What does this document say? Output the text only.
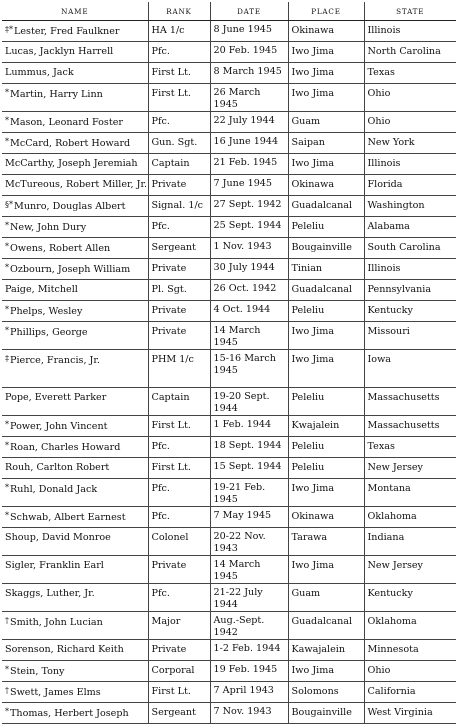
NAME	RANK	DATE	PLACE	STATE
‡*Lester, Fred Faulkner	HA 1/c	8 June 1945	Okinawa	Illinois
Lucas, Jacklyn Harrell	Pfc.	20 Feb. 1945	Iwo Jima	North Carolina
Lummus, Jack	First Lt.	8 March 1945	Iwo Jima	Texas
*Martin, Harry Linn	First Lt.	26 March 1945	Iwo Jima	Ohio
*Mason, Leonard Foster	Pfc.	22 July 1944	Guam	Ohio
*McCard, Robert Howard	Gun. Sgt.	16 June 1944	Saipan	New York
McCarthy, Joseph Jeremiah	Captain	21 Feb. 1945	Iwo Jima	Illinois
McTureous, Robert Miller, Jr.	Private	7 June 1945	Okinawa	Florida
§*Munro, Douglas Albert	Signal. 1/c	27 Sept. 1942	Guadalcanal	Washington
*New, John Dury	Pfc.	25 Sept. 1944	Peleliu	Alabama
*Owens, Robert Allen	Sergeant	1 Nov. 1943	Bougainville	South Carolina
*Ozbourn, Joseph William	Private	30 July 1944	Tinian	Illinois
Paige, Mitchell	Pl. Sgt.	26 Oct. 1942	Guadalcanal	Pennsylvania
*Phelps, Wesley	Private	4 Oct. 1944	Peleliu	Kentucky
*Phillips, George	Private	14 March 1945	Iwo Jima	Missouri
‡Pierce, Francis, Jr.	PHM 1/c	15-16 March 1945	Iwo Jima	Iowa
Pope, Everett Parker	Captain	19-20 Sept. 1944	Peleliu	Massachusetts
*Power, John Vincent	First Lt.	1 Feb. 1944	Kwajalein	Massachusetts
*Roan, Charles Howard	Pfc.	18 Sept. 1944	Peleliu	Texas
Rouh, Carlton Robert	First Lt.	15 Sept. 1944	Peleliu	New Jersey
*Ruhl, Donald Jack	Pfc.	19-21 Feb. 1945	Iwo Jima	Montana
*Schwab, Albert Earnest	Pfc.	7 May 1945	Okinawa	Oklahoma
Shoup, David Monroe	Colonel	20-22 Nov. 1943	Tarawa	Indiana
Sigler, Franklin Earl	Private	14 March 1945	Iwo Jima	New Jersey
Skaggs, Luther, Jr.	Pfc.	21-22 July 1944	Guam	Kentucky
†Smith, John Lucian	Major	Aug.-Sept. 1942	Guadalcanal	Oklahoma
Sorenson, Richard Keith	Private	1-2 Feb. 1944	Kawajalein	Minnesota
*Stein, Tony	Corporal	19 Feb. 1945	Iwo Jima	Ohio
†Swett, James Elms	First Lt.	7 April 1943	Solomons	California
*Thomas, Herbert Joseph	Sergeant	7 Nov. 1943	Bougainville	West Virginia
